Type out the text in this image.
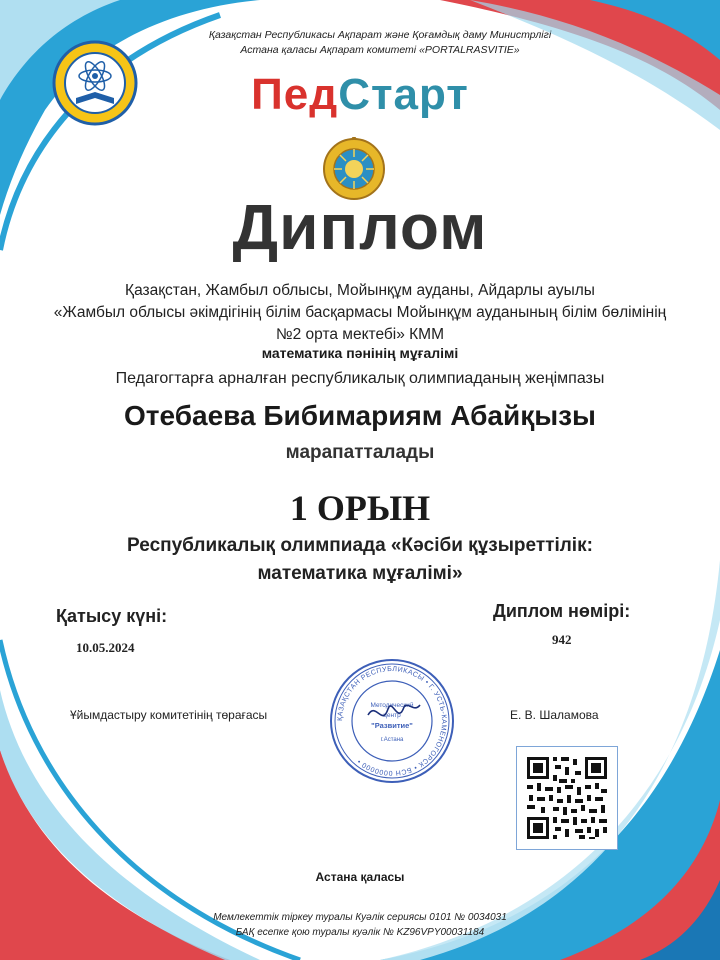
Қазақстан Республикасы Ақпарат және Қоғамдық даму Министрлігі
Астана қаласы Ақпарат комитеті «PORTALRASVITIE»
ПедСтарт
Диплом
Қазақстан, Жамбыл облысы, Мойынқұм ауданы, Айдарлы ауылы
«Жамбыл облысы әкімдігінің білім басқармасы Мойынқұм ауданының білім бөлімінің
№2 орта мектебі» КММ
математика пәнінің мұғалімі
Педагогтарға арналған республикалық олимпиаданың жеңімпазы
Отебаева Бибимариям Абайқызы
марапатталады
1 ОРЫН
Республикалық олимпиада «Кәсіби құзыреттілік:
математика мұғалімі»
Қатысу күні:
10.05.2024
Диплом нөмірі:
942
Ұйымдастыру комитетінің төрағасы	Е. В. Шаламова
ҚАЗАҚСТАН РЕСПУБЛИКАСЫ • Г. УСТЬ-КАМЕНОГОРСК • БСН 0000000 •
Методический
центр
"Развитие"
г.Астана
Астана қаласы
Мемлекеттік тіркеу туралы Куәлік сериясы 0101 № 0034031
БАҚ есепке қою туралы куәлік № KZ96VPY00031184
